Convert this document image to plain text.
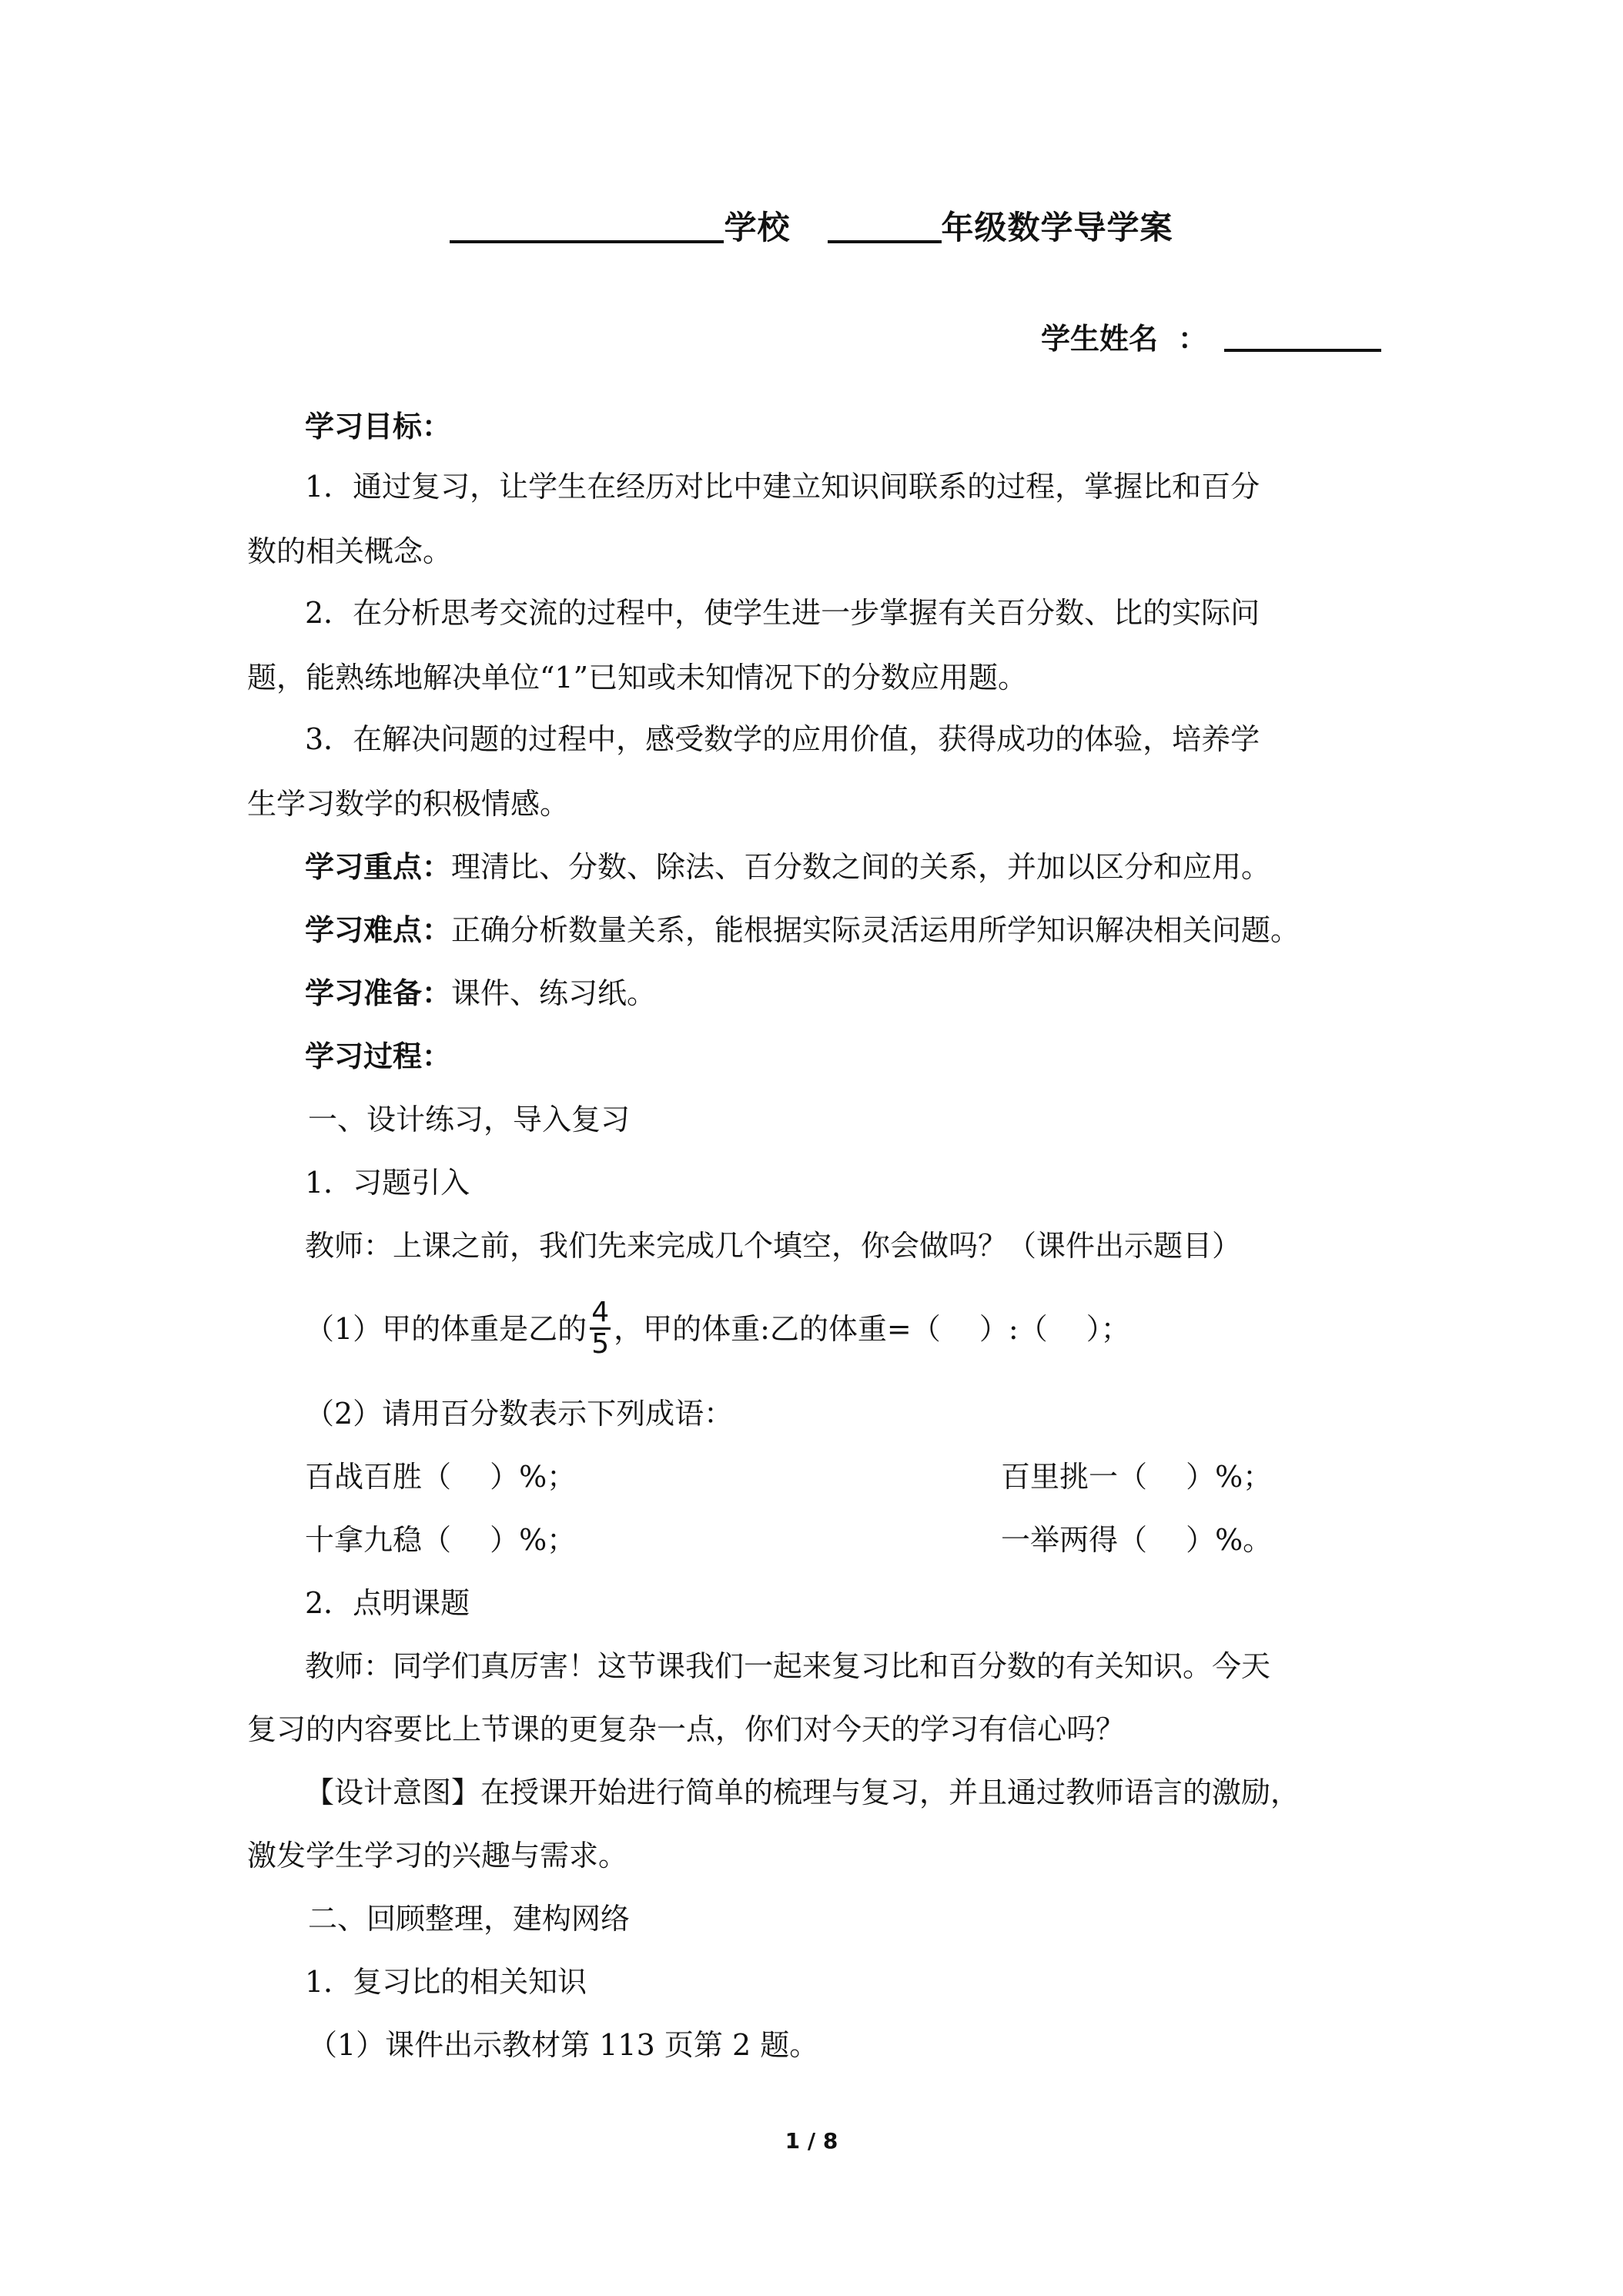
学校	年级数学导学案
学生姓名 ：
学习目标：
1．通过复习，让学生在经历对比中建立知识间联系的过程，掌握比和百分
数的相关概念。
2．在分析思考交流的过程中，使学生进一步掌握有关百分数、比的实际问
题，能熟练地解决单位“1”已知或未知情况下的分数应用题。
3．在解决问题的过程中，感受数学的应用价值，获得成功的体验，培养学
生学习数学的积极情感。
学习重点：理清比、分数、除法、百分数之间的关系，并加以区分和应用。
学习难点：正确分析数量关系，能根据实际灵活运用所学知识解决相关问题。
学习准备：课件、练习纸。
学习过程：
一、设计练习，导入复习
1．习题引入
教师：上课之前，我们先来完成几个填空，你会做吗？（课件出示题目）
（1）甲的体重是乙的 $\frac{4}{5}$ ，甲的体重:乙的体重=（　 ）:（　 ）；
（2）请用百分数表示下列成语：
百战百胜（　 ）%；	百里挑一（　 ）%；
十拿九稳（　 ）%；	一举两得（　 ）%。
2．点明课题
教师：同学们真厉害！这节课我们一起来复习比和百分数的有关知识。今天
复习的内容要比上节课的更复杂一点，你们对今天的学习有信心吗？
【设计意图】在授课开始进行简单的梳理与复习，并且通过教师语言的激励，
激发学生学习的兴趣与需求。
二、回顾整理，建构网络
1．复习比的相关知识
（1）课件出示教材第 113 页第 2 题。
1 / 8
